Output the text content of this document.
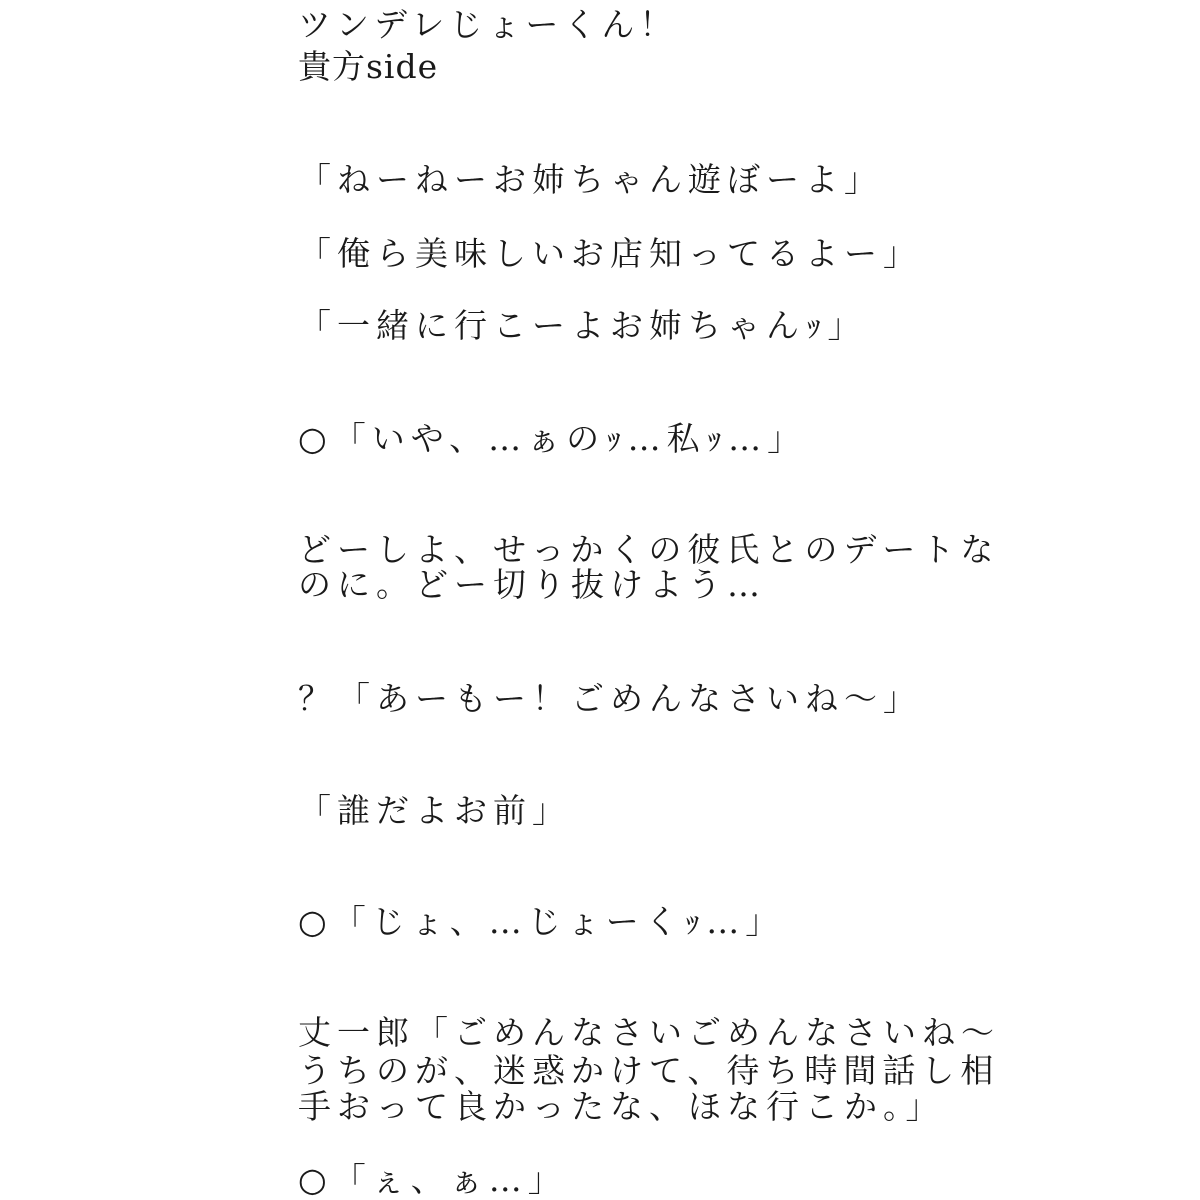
ツンデレじょーくん！
貴方side
「ねーねーお姉ちゃん遊ぼーよ」
「俺ら美味しいお店知ってるよー」
「一緒に行こーよお姉ちゃんｯ」
○「いや、…ぁのｯ…私ｯ…」
どーしよ、せっかくの彼氏とのデートな
のに。どー切り抜けよう…
？「あーもー！ごめんなさいね～」
「誰だよお前」
○「じょ、…じょーくｯ…」
丈一郎「ごめんなさいごめんなさいね～
うちのが、迷惑かけて、待ち時間話し相
手おって良かったな、ほな行こか。」
○「ぇ、ぁ…」
